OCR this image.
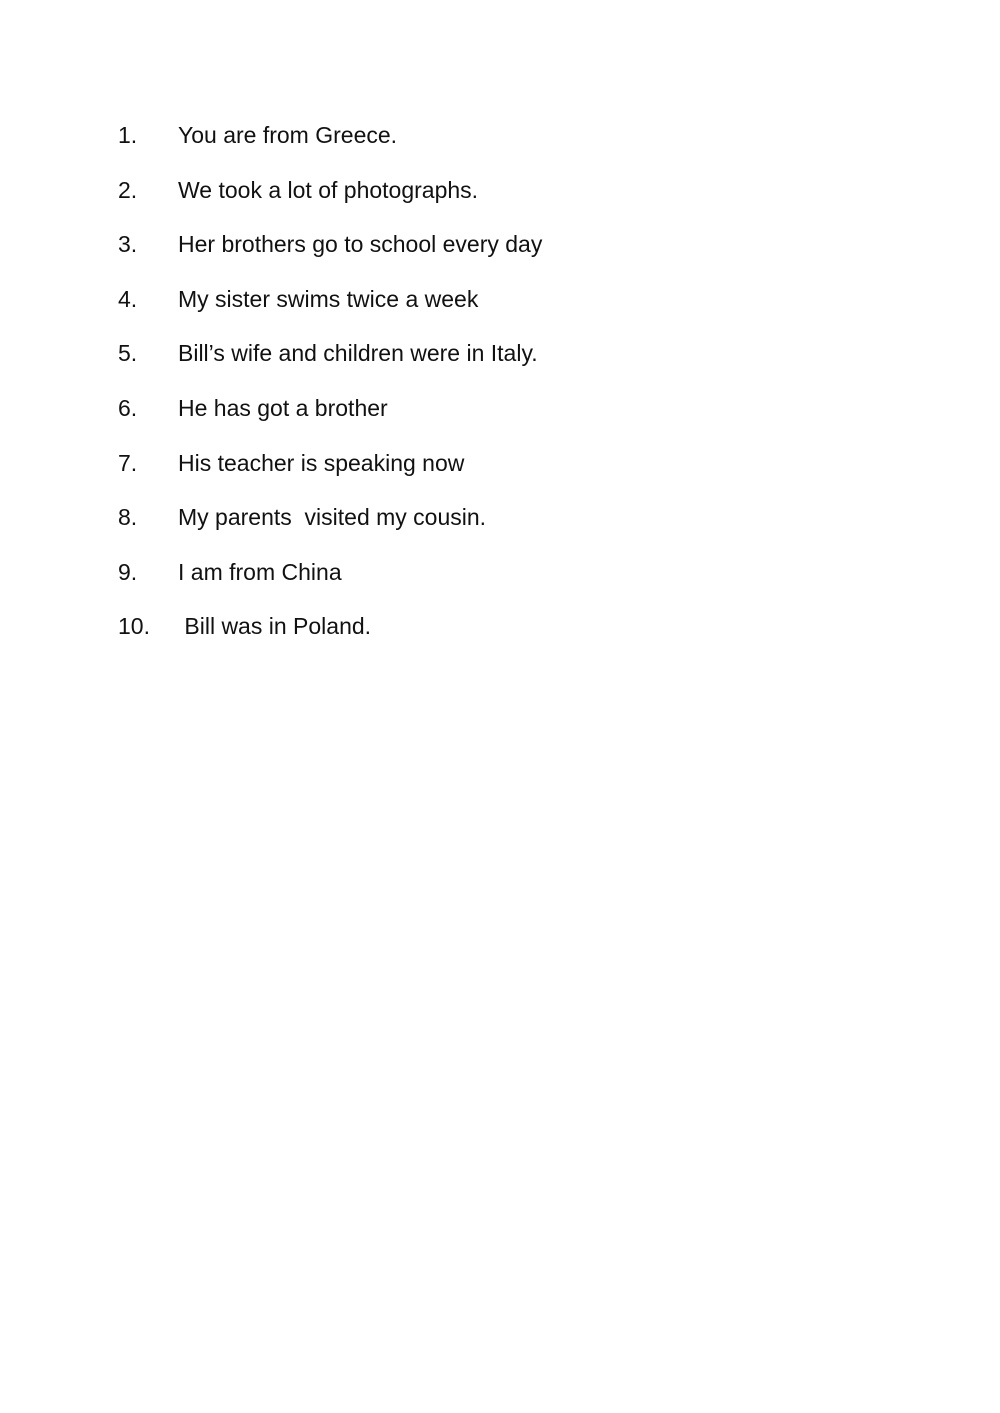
1.	You are from Greece.
2.	We took a lot of photographs.
3.	Her brothers go to school every day
4.	My sister swims twice a week
5.	Bill’s wife and children were in Italy.
6.	He has got a brother
7.	His teacher is speaking now
8.	My parents  visited my cousin.
9.	I am from China
10.	Bill was in Poland.
